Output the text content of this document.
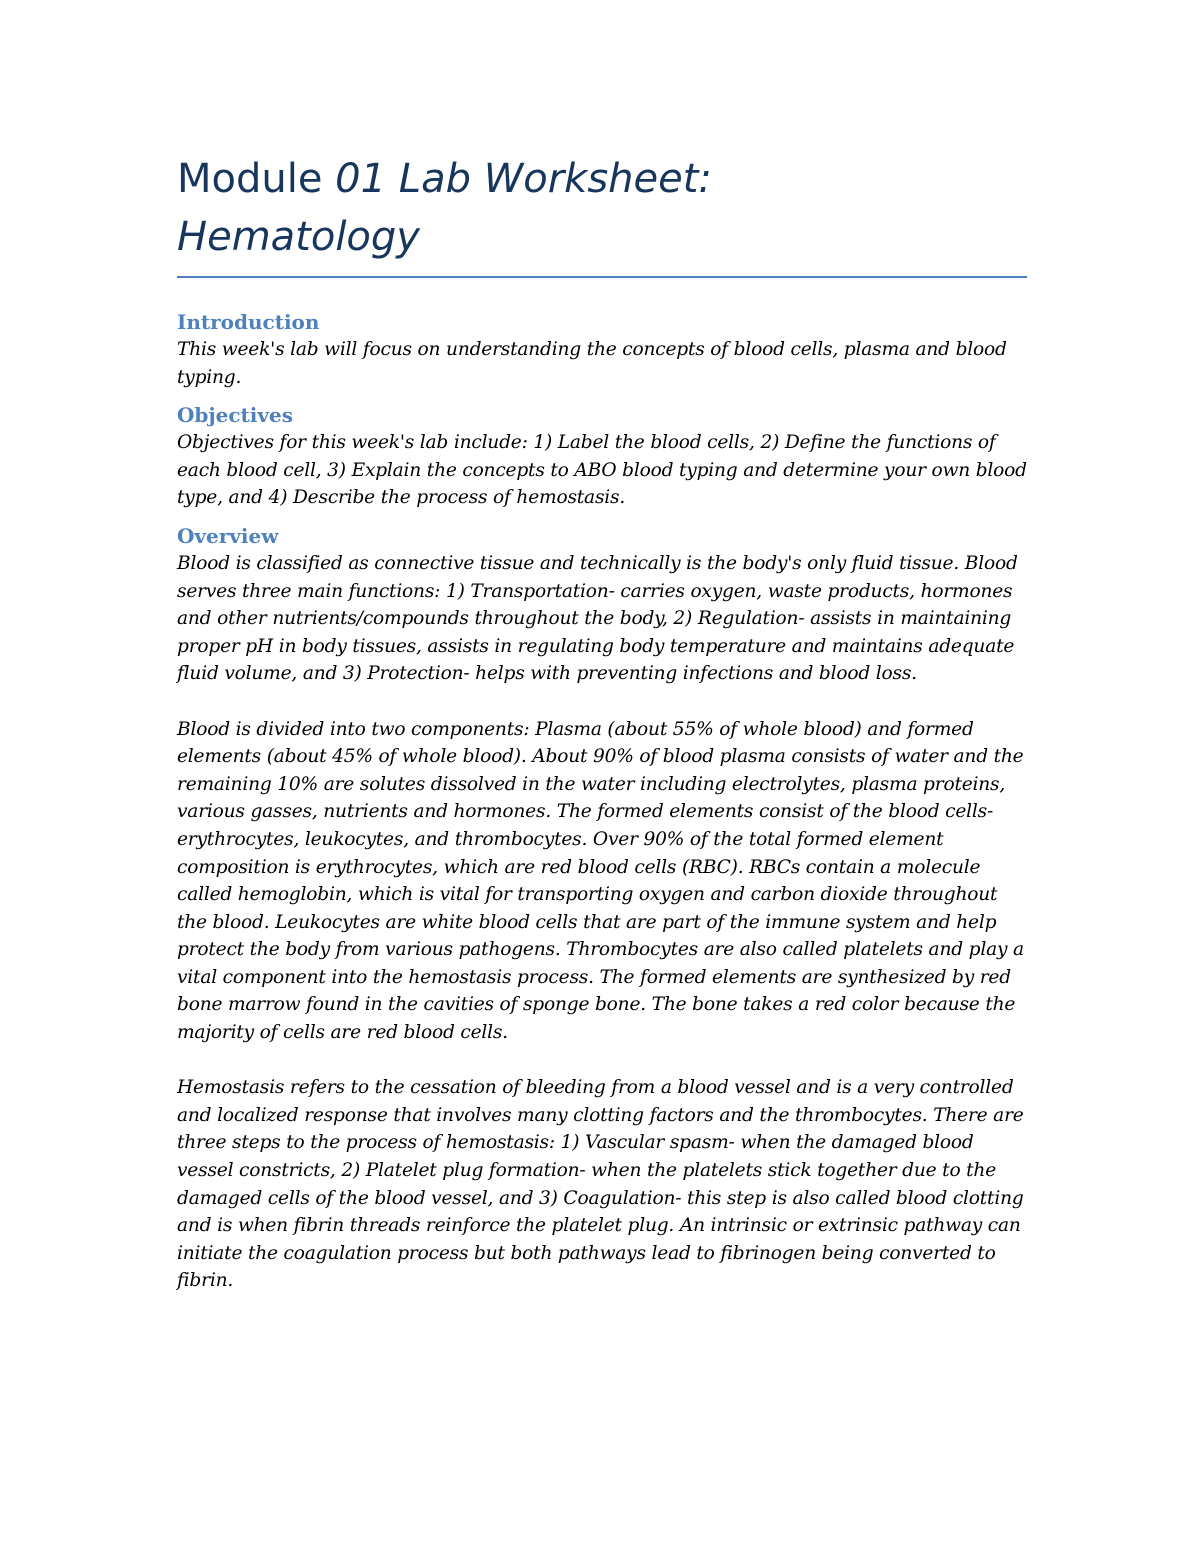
Module 01 Lab Worksheet:
Hematology
Introduction

This week's lab will focus on understanding the concepts of blood cells, plasma and blood typing.

Objectives

Objectives for this week's lab include: 1) Label the blood cells, 2) Define the functions of each blood cell, 3) Explain the concepts to ABO blood typing and determine your own blood type, and 4) Describe the process of hemostasis.

Overview

Blood is classified as connective tissue and technically is the body's only fluid tissue. Blood serves three main functions: 1) Transportation- carries oxygen, waste products, hormones and other nutrients/compounds throughout the body, 2) Regulation- assists in maintaining proper pH in body tissues, assists in regulating body temperature and maintains adequate fluid volume, and 3) Protection- helps with preventing infections and blood loss.

Blood is divided into two components: Plasma (about 55% of whole blood) and formed elements (about 45% of whole blood). About 90% of blood plasma consists of water and the remaining 10% are solutes dissolved in the water including electrolytes, plasma proteins, various gasses, nutrients and hormones. The formed elements consist of the blood cells- erythrocytes, leukocytes, and thrombocytes. Over 90% of the total formed element composition is erythrocytes, which are red blood cells (RBC). RBCs contain a molecule called hemoglobin, which is vital for transporting oxygen and carbon dioxide throughout the blood. Leukocytes are white blood cells that are part of the immune system and help protect the body from various pathogens. Thrombocytes are also called platelets and play a vital component into the hemostasis process. The formed elements are synthesized by red bone marrow found in the cavities of sponge bone. The bone takes a red color because the majority of cells are red blood cells.

Hemostasis refers to the cessation of bleeding from a blood vessel and is a very controlled and localized response that involves many clotting factors and the thrombocytes. There are three steps to the process of hemostasis: 1) Vascular spasm- when the damaged blood vessel constricts, 2) Platelet plug formation- when the platelets stick together due to the damaged cells of the blood vessel, and 3) Coagulation- this step is also called blood clotting and is when fibrin threads reinforce the platelet plug. An intrinsic or extrinsic pathway can initiate the coagulation process but both pathways lead to fibrinogen being converted to fibrin.
